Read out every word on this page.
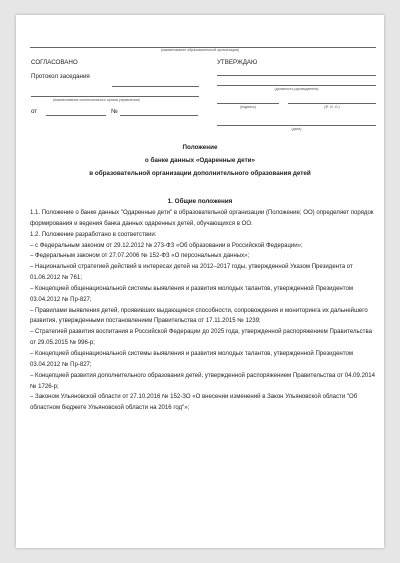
(наименование образовательной организации)
СОГЛАСОВАНО
Протокол заседания
(наименование коллегиального органа управления)
от	№
УТВЕРЖДАЮ
(должность руководителя)
(подпись)	(Ф. И. О.)
(дата)
Положение
о банке данных «Одаренные дети»
в образовательной организации дополнительного образования детей
1. Общие положения

1.1. Положение о банке данных "Одаренные дети" в образовательной организации (Положение; ОО) определяет порядок формирования и ведения банка данных одаренных детей, обучающихся в ОО.

1.2. Положение разработано в соответствии:

– с Федеральным законом от 29.12.2012 № 273-ФЗ «Об образовании в Российской Федерации»;

– Федеральным законом от 27.07.2006 № 152-ФЗ «О персональных данных»;

– Национальной стратегией действий в интересах детей на 2012–2017 годы, утвержденной Указом Президента от 01.06.2012 № 761;

– Концепцией общенациональной системы выявления и развития молодых талантов, утвержденной Президентом 03.04.2012 № Пр-827;

– Правилами выявления детей, проявивших выдающиеся способности, сопровождения и мониторинга их дальнейшего развития, утвержденными постановлением Правительства от 17.11.2015 № 1239;

– Стратегией развития воспитания в Российской Федерации до 2025 года, утвержденной распоряжением Правительства от 29.05.2015 № 996-р;

– Концепцией общенациональной системы выявления и развития молодых талантов, утвержденной Президентом 03.04.2012 № Пр-827;

– Концепцией развития дополнительного образования детей, утвержденной распоряжением Правительства от 04.09.2014 № 1726-р;

– Законом Ульяновской области от 27.10.2016 № 152-ЗО «О внесении изменений в Закон Ульяновской области "Об областном бюджете Ульяновской области на 2016 год"»;
